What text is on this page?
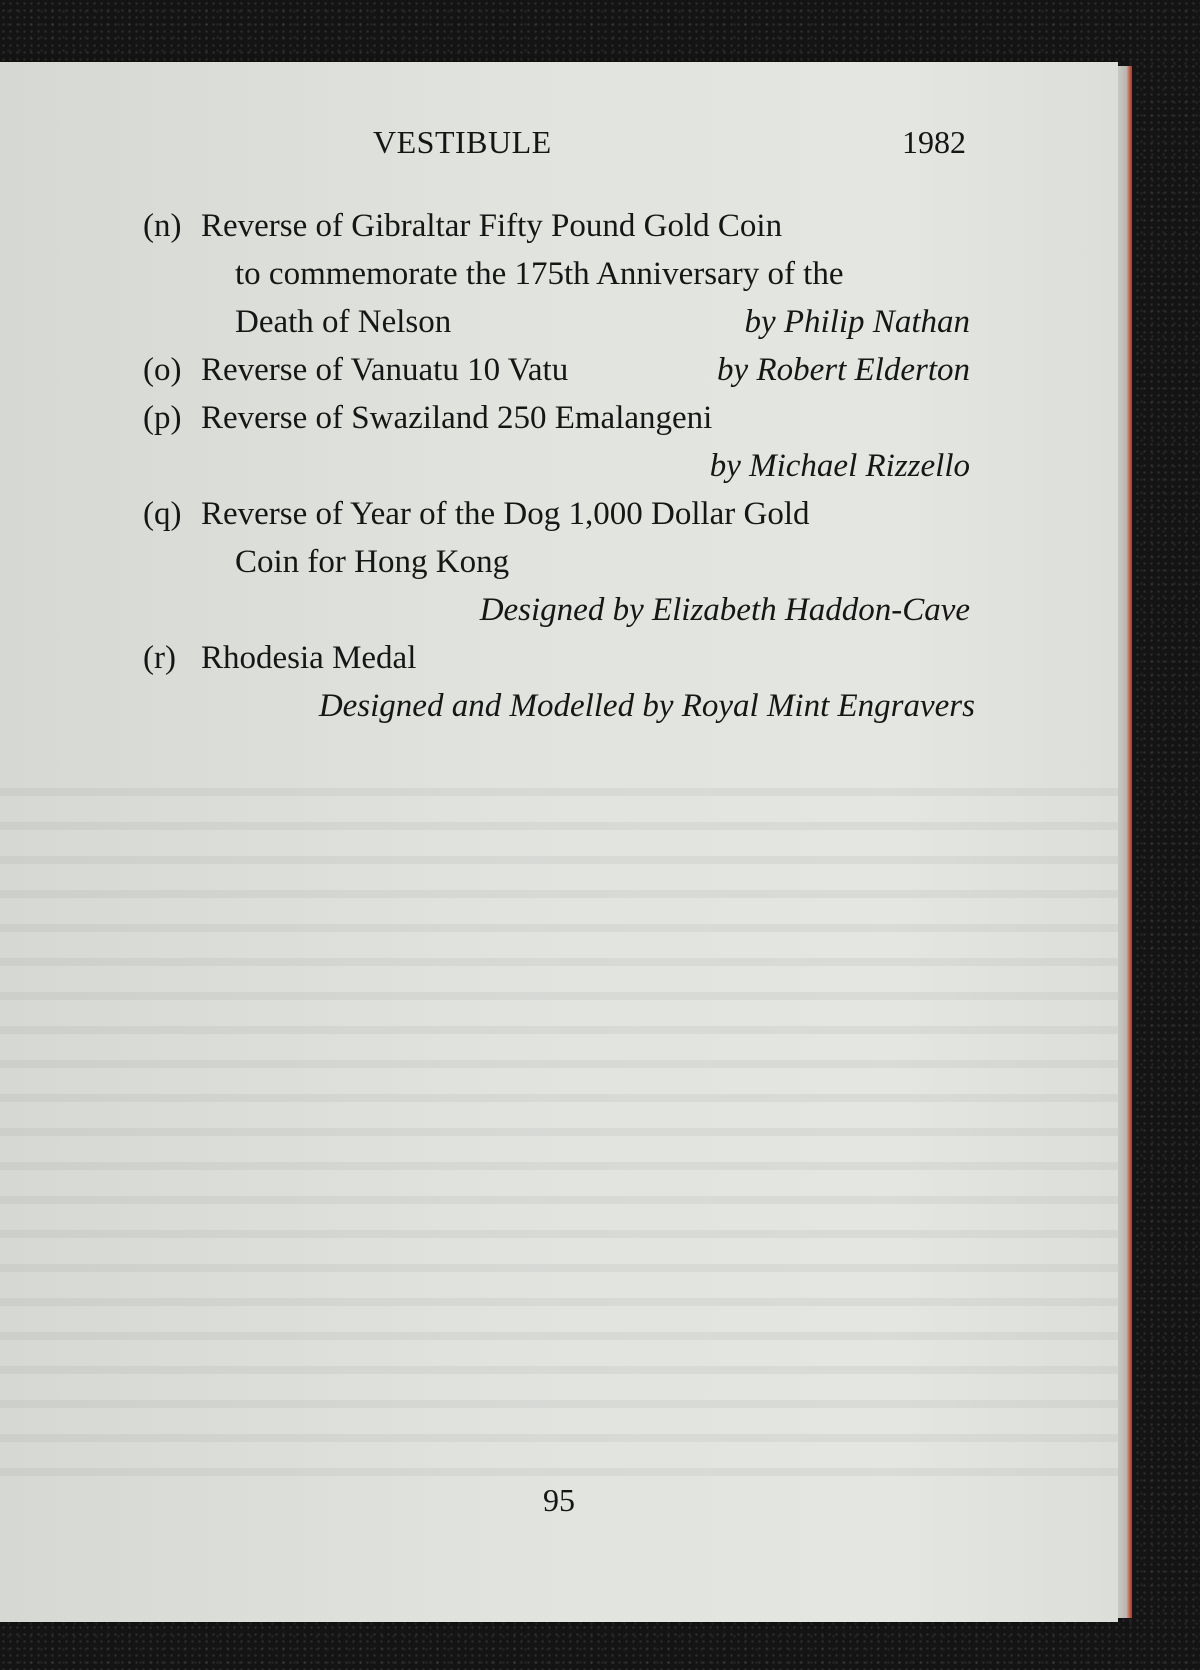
VESTIBULE	1982
(n) Reverse of Gibraltar Fifty Pound Gold Coin
to commemorate the 175th Anniversary of the
Death of Nelson	by Philip Nathan
(o) Reverse of Vanuatu 10 Vatu	by Robert Elderton
(p) Reverse of Swaziland 250 Emalangeni
by Michael Rizzello
(q) Reverse of Year of the Dog 1,000 Dollar Gold
Coin for Hong Kong
Designed by Elizabeth Haddon-Cave
(r) Rhodesia Medal
Designed and Modelled by Royal Mint Engravers
95
